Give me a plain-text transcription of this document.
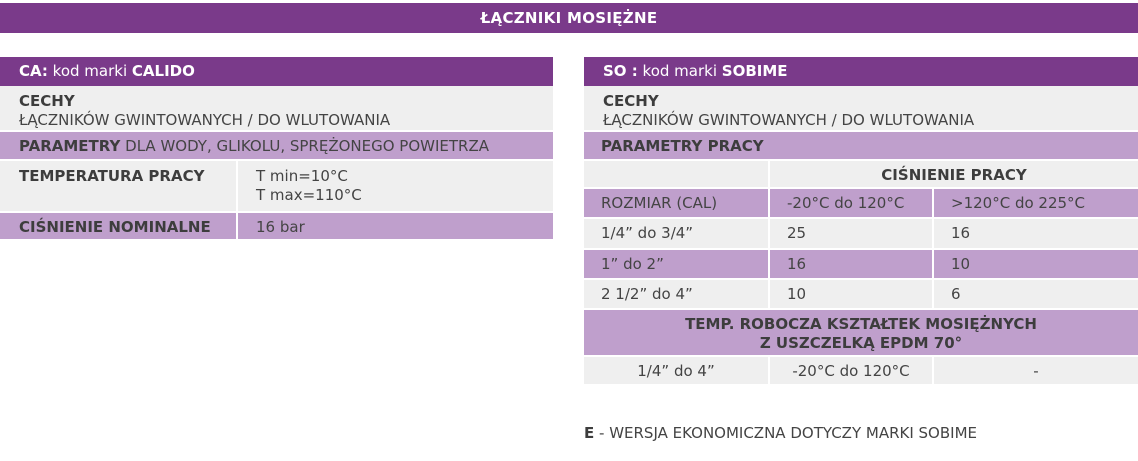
ŁĄCZNIKI MOSIĘŻNE
CA: kod marki CALIDO
CECHY
ŁĄCZNIKÓW GWINTOWANYCH / DO WLUTOWANIA
PARAMETRY DLA WODY, GLIKOLU, SPRĘŻONEGO POWIETRZA
TEMPERATURA PRACY	T min=10°C
T max=110°C
CIŚNIENIE NOMINALNE	16 bar
SO : kod marki SOBIME
CECHY
ŁĄCZNIKÓW GWINTOWANYCH / DO WLUTOWANIA
PARAMETRY PRACY
CIŚNIENIE PRACY
ROZMIAR (CAL)	-20°C do 120°C	>120°C do 225°C
1/4” do 3/4”	25	16
1” do 2”	16	10
2 1/2” do 4”	10	6
TEMP. ROBOCZA KSZTAŁTEK MOSIĘŻNYCH
Z USZCZELKĄ EPDM 70°
1/4” do 4”	-20°C do 120°C	-
E - WERSJA EKONOMICZNA DOTYCZY MARKI SOBIME
